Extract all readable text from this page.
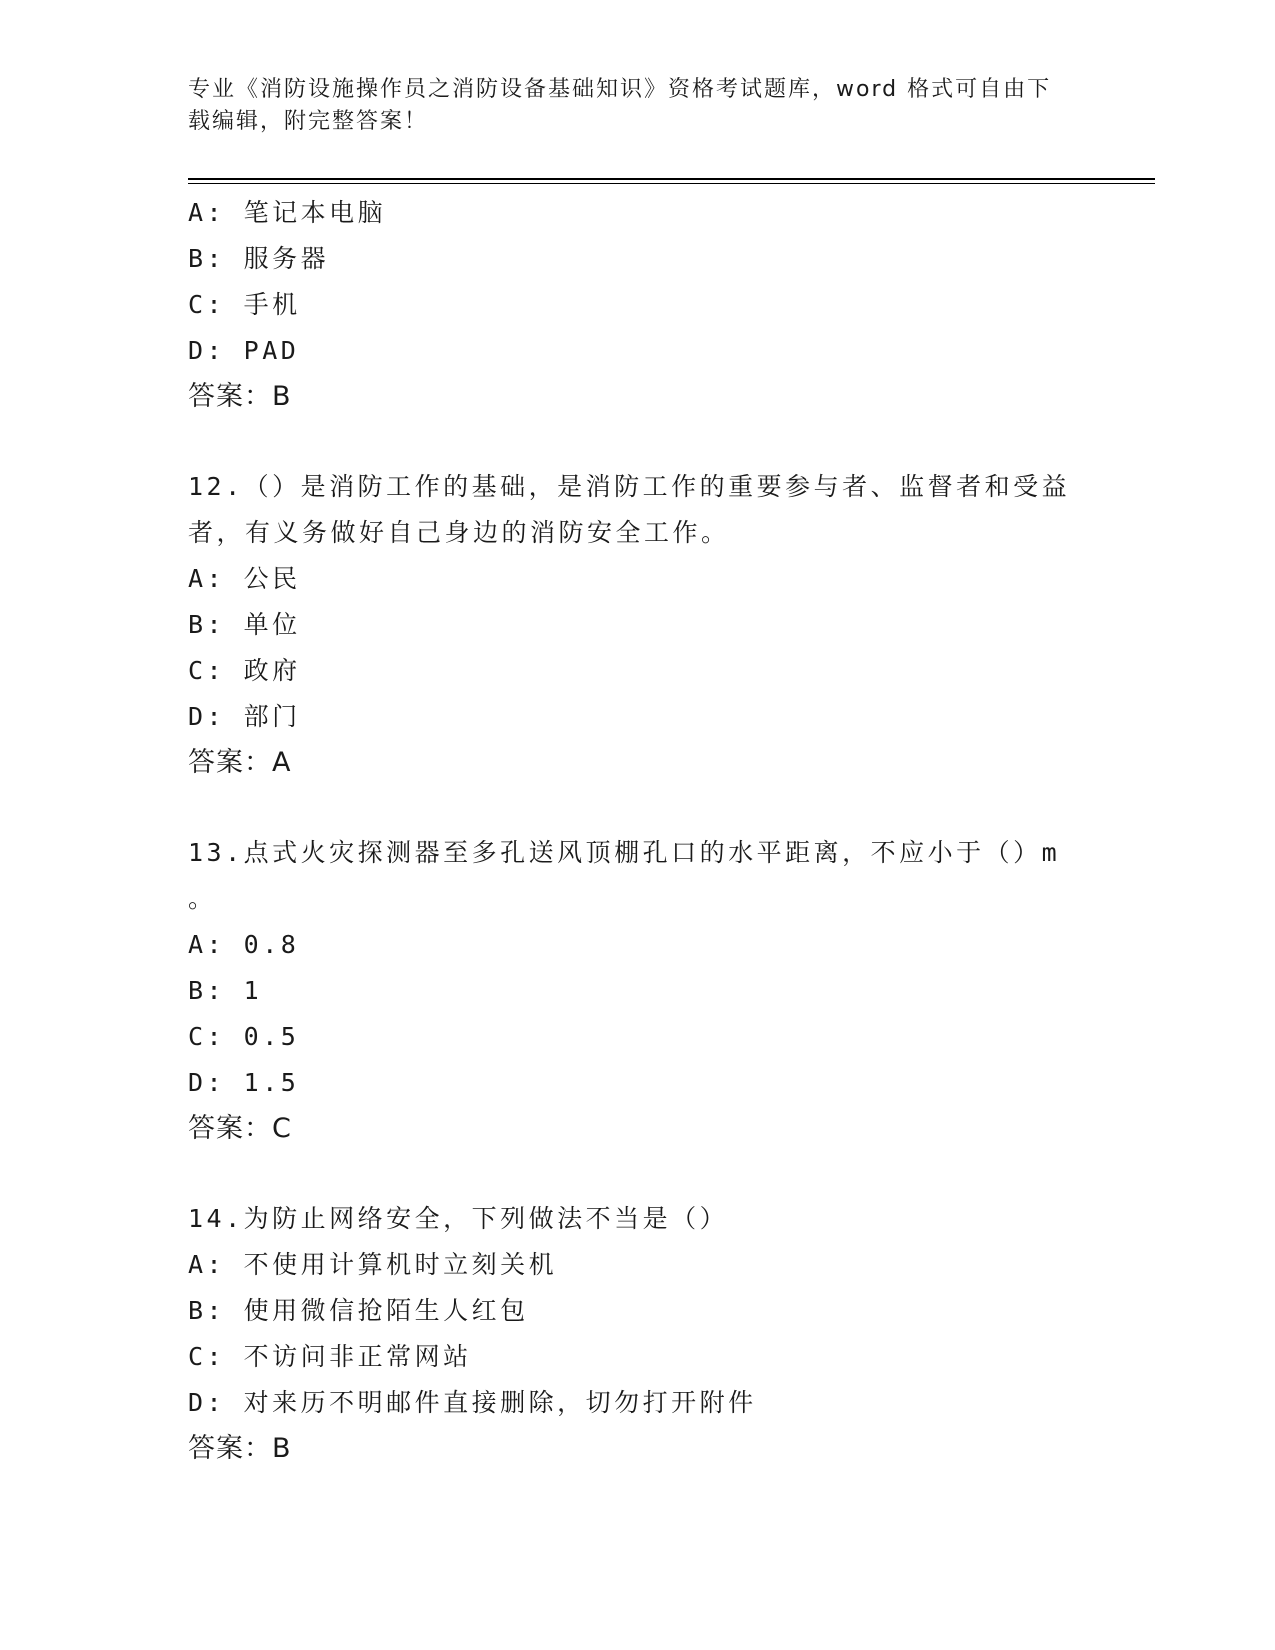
专业《消防设施操作员之消防设备基础知识》资格考试题库，word 格式可自由下
载编辑，附完整答案！
A: 笔记本电脑
B: 服务器
C: 手机
D: PAD
答案：B
12.（）是消防工作的基础，是消防工作的重要参与者、监督者和受益
者，有义务做好自己身边的消防安全工作。
A: 公民
B: 单位
C: 政府
D: 部门
答案：A
13.点式火灾探测器至多孔送风顶棚孔口的水平距离，不应小于（）m
。
A: 0.8
B: 1
C: 0.5
D: 1.5
答案：C
14.为防止网络安全，下列做法不当是（）
A: 不使用计算机时立刻关机
B: 使用微信抢陌生人红包
C: 不访问非正常网站
D: 对来历不明邮件直接删除，切勿打开附件
答案：B
